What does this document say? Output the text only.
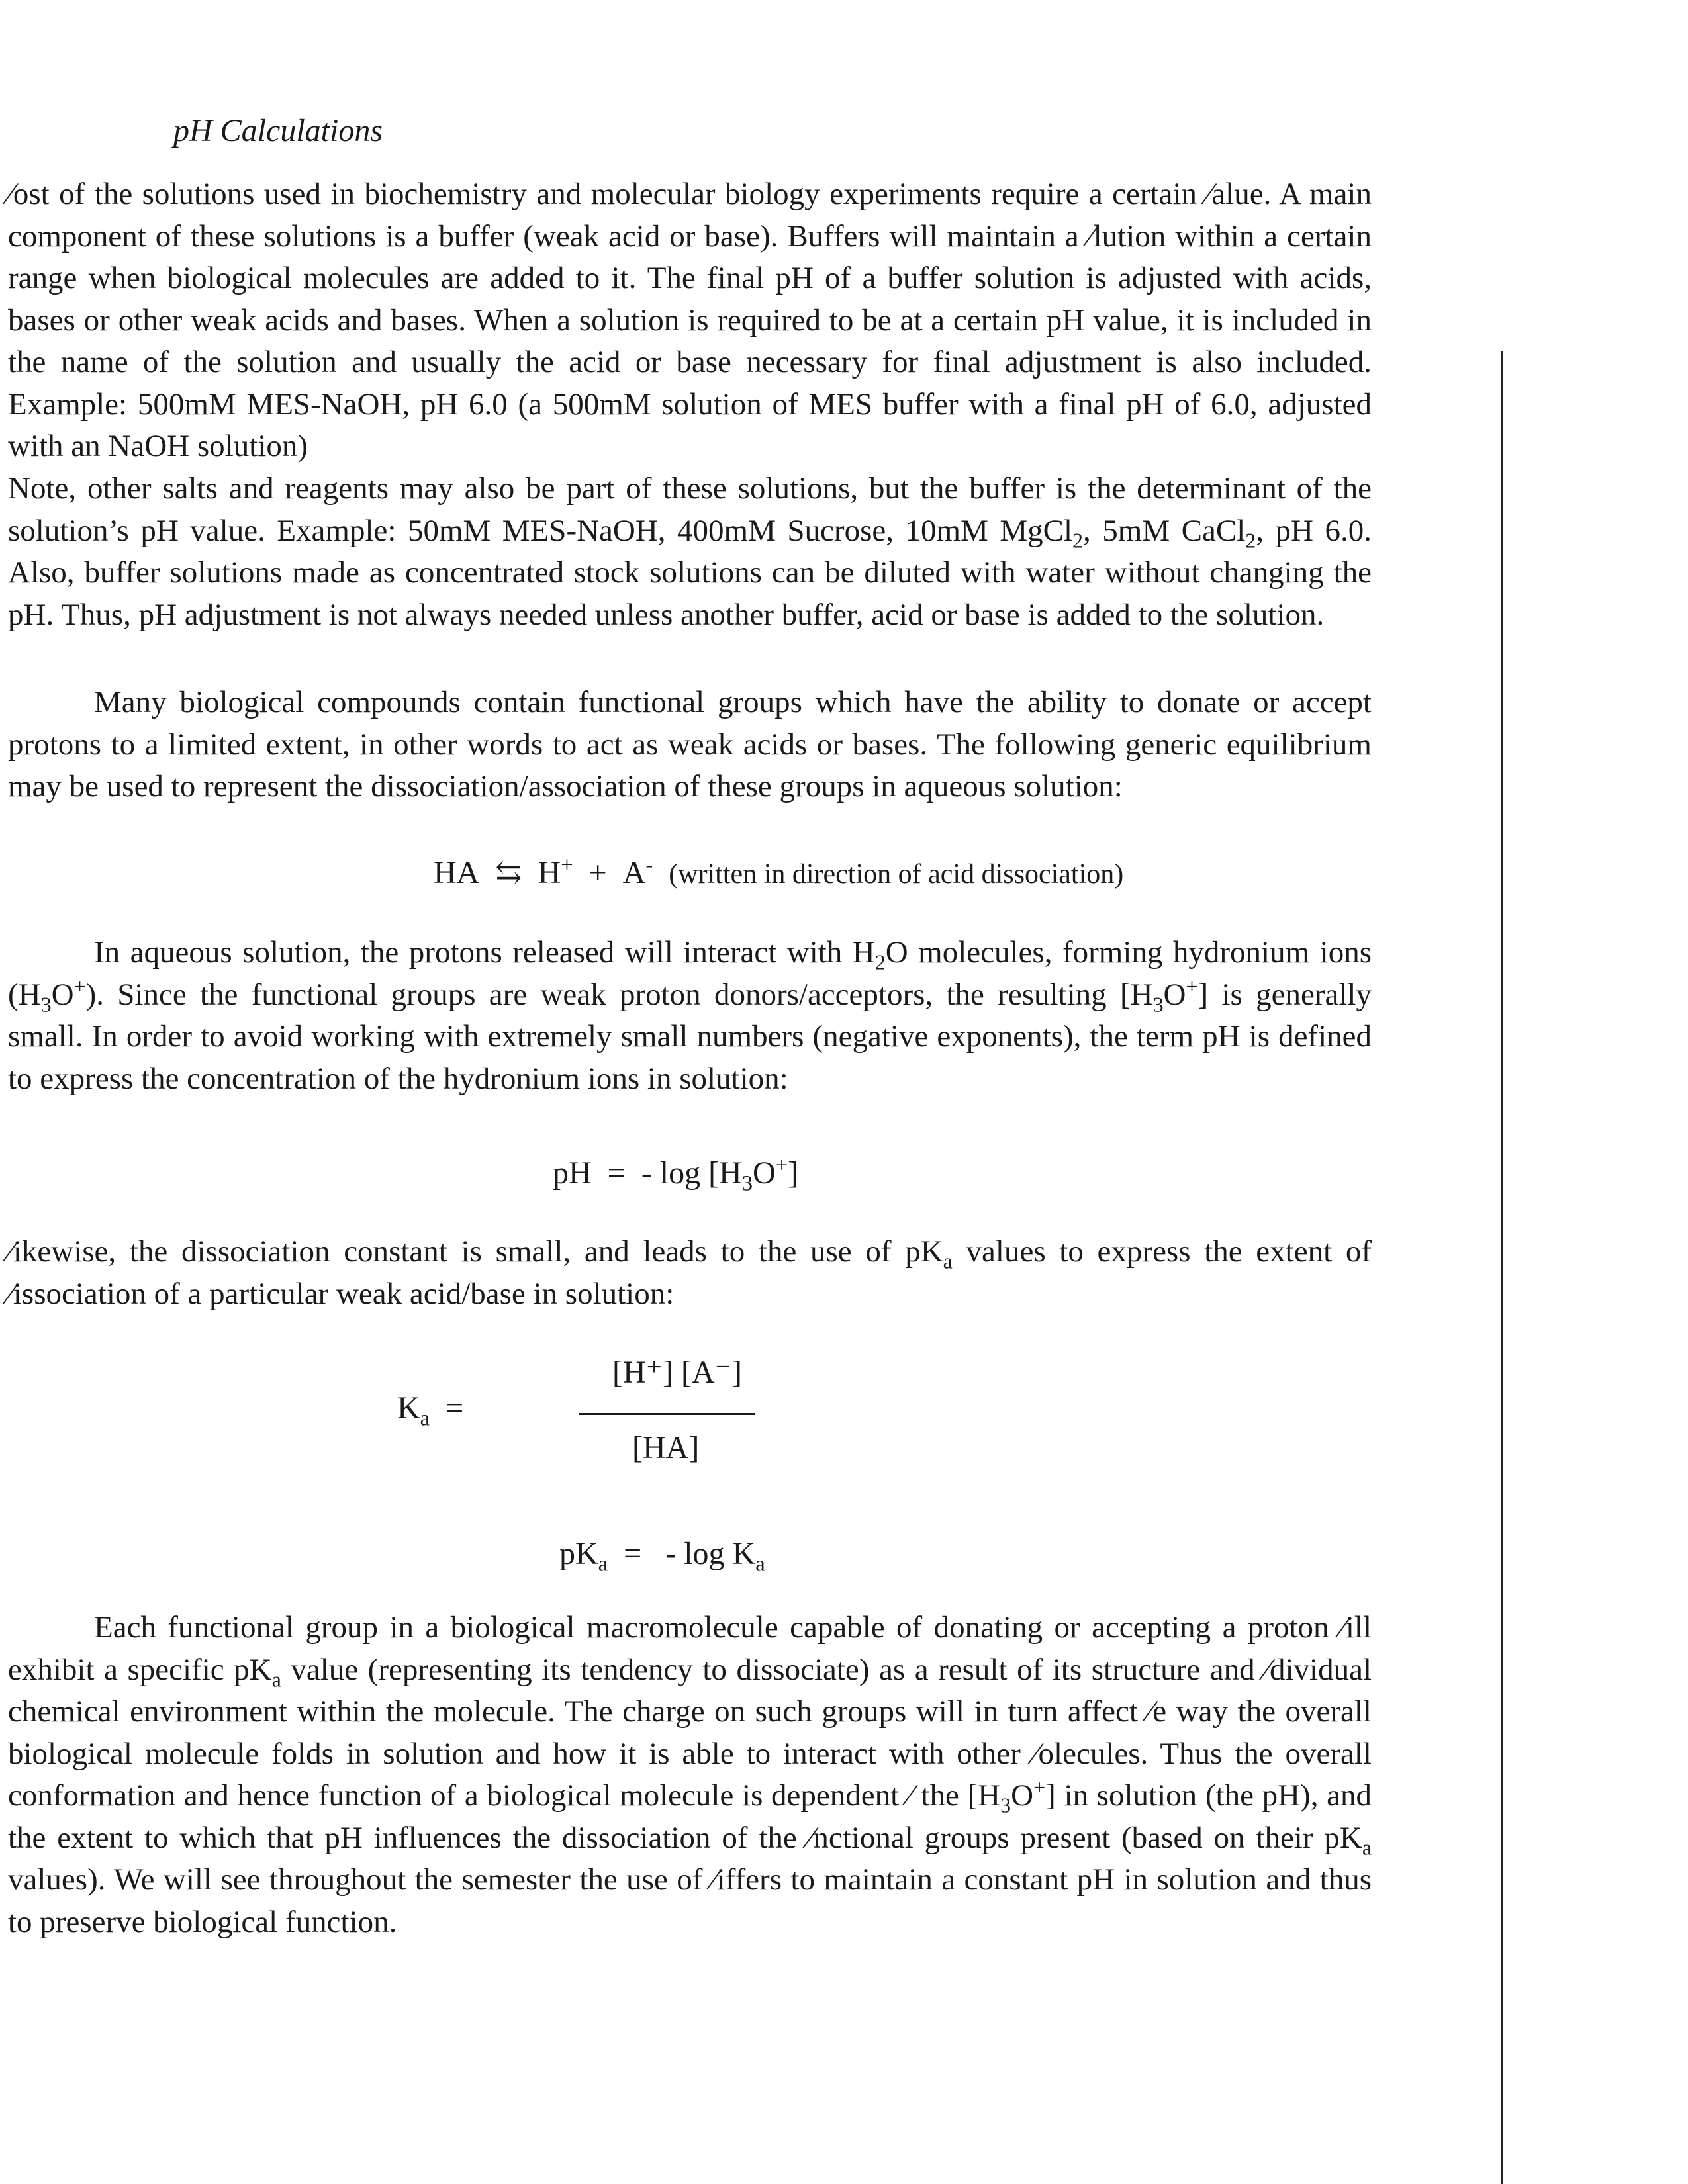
pH Calculations

⁄ost of the solutions used in biochemistry and molecular biology experiments require a certain ⁄alue. A main component of these solutions is a buffer (weak acid or base). Buffers will maintain a ⁄lution within a certain range when biological molecules are added to it. The final pH of a buffer solution is adjusted with acids, bases or other weak acids and bases. When a solution is required to be at a certain pH value, it is included in the name of the solution and usually the acid or base necessary for final adjustment is also included. Example: 500mM MES-NaOH, pH 6.0 (a 500mM solution of MES buffer with a final pH of 6.0, adjusted with an NaOH solution)

Note, other salts and reagents may also be part of these solutions, but the buffer is the determinant of the solution’s pH value. Example: 50mM MES-NaOH, 400mM Sucrose, 10mM MgCl$_2$, 5mM CaCl$_2$, pH 6.0. Also, buffer solutions made as concentrated stock solutions can be diluted with water without changing the pH. Thus, pH adjustment is not always needed unless another buffer, acid or base is added to the solution.

Many biological compounds contain functional groups which have the ability to donate or accept protons to a limited extent, in other words to act as weak acids or bases. The following generic equilibrium may be used to represent the dissociation/association of these groups in aqueous solution:

HA ⇆ H+ + A- (written in direction of acid dissociation)

In aqueous solution, the protons released will interact with $H_2O$ molecules, forming hydronium ions $(H_3O^+)$. Since the functional groups are weak proton donors/acceptors, the resulting $[H_3O^+]$ is generally small. In order to avoid working with extremely small numbers (negative exponents), the term pH is defined to express the concentration of the hydronium ions in solution:

pH = - $\log [H_3O^+]$

⁄ikewise, the dissociation constant is small, and leads to the use of $pK_a$ values to express the extent of ⁄issociation of a particular weak acid/base in solution:

$K_a$ =
[H⁺] [A⁻]
[HA]
$pK_a$ = - $\log K_a$

Each functional group in a biological macromolecule capable of donating or accepting a proton ⁄ill exhibit a specific $pK_a$ value (representing its tendency to dissociate) as a result of its structure and ⁄dividual chemical environment within the molecule. The charge on such groups will in turn affect ⁄e way the overall biological molecule folds in solution and how it is able to interact with other ⁄olecules. Thus the overall conformation and hence function of a biological molecule is dependent ⁄ the $[H_3O^+]$ in solution (the pH), and the extent to which that pH influences the dissociation of the ⁄nctional groups present (based on their $pK_a$ values). We will see throughout the semester the use of ⁄iffers to maintain a constant pH in solution and thus to preserve biological function.
